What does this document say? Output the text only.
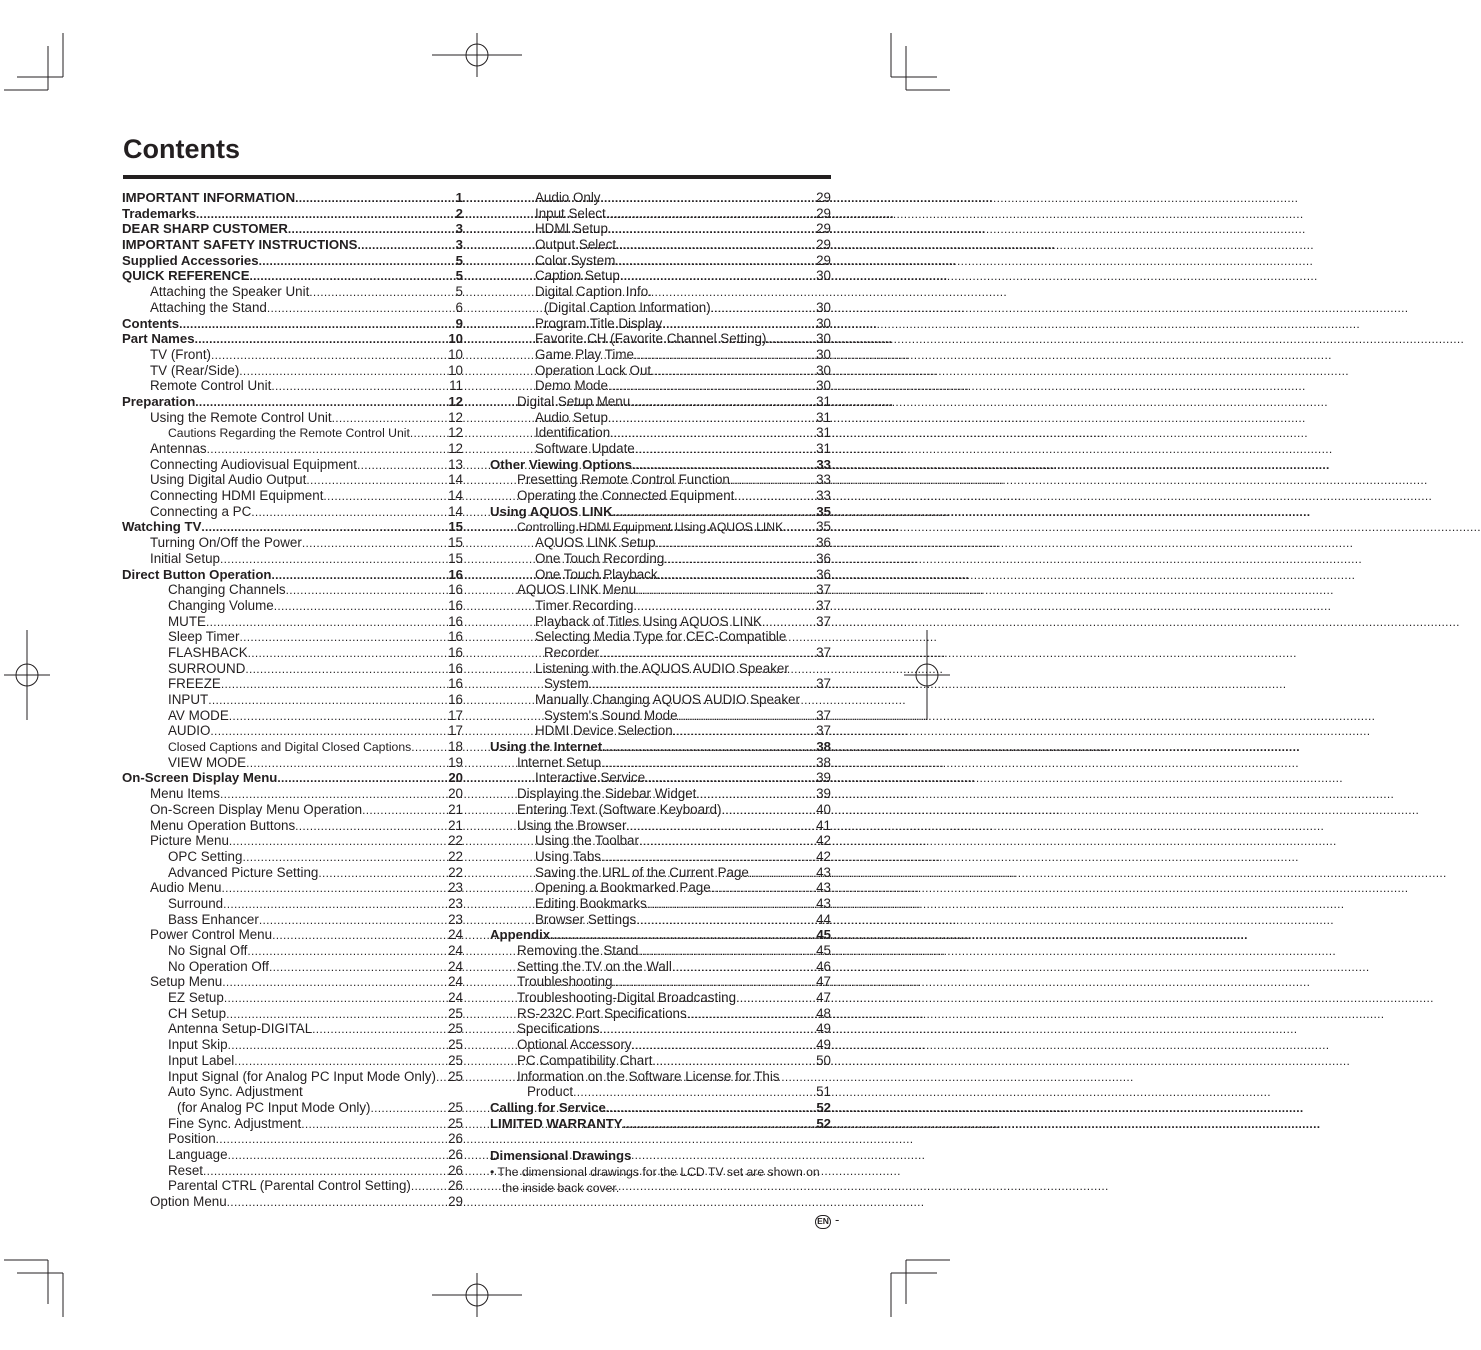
Contents
IMPORTANT INFORMATION .....	1
Trademarks .....	2
DEAR SHARP CUSTOMER .....	3
IMPORTANT SAFETY INSTRUCTIONS .....	3
Supplied Accessories .....	5
QUICK REFERENCE .....	5
Attaching the Speaker Unit .....	5
Attaching the Stand .....	6
Contents .....	9
Part Names .....	10
TV (Front) .....	10
TV (Rear/Side) .....	10
Remote Control Unit .....	11
Preparation .....	12
Using the Remote Control Unit .....	12
Cautions Regarding the Remote Control Unit .....	12
Antennas .....	12
Connecting Audiovisual Equipment .....	13
Using Digital Audio Output .....	14
Connecting HDMI Equipment .....	14
Connecting a PC .....	14
Watching TV .....	15
Turning On/Off the Power .....	15
Initial Setup .....	15
Direct Button Operation .....	16
Changing Channels .....	16
Changing Volume .....	16
MUTE .....	16
Sleep Timer .....	16
FLASHBACK .....	16
SURROUND .....	16
FREEZE .....	16
INPUT .....	16
AV MODE .....	17
AUDIO .....	17
Closed Captions and Digital Closed Captions .....	18
VIEW MODE .....	19
On-Screen Display Menu .....	20
Menu Items .....	20
On-Screen Display Menu Operation .....	21
Menu Operation Buttons .....	21
Picture Menu .....	22
OPC Setting .....	22
Advanced Picture Setting .....	22
Audio Menu .....	23
Surround .....	23
Bass Enhancer .....	23
Power Control Menu .....	24
No Signal Off .....	24
No Operation Off .....	24
Setup Menu .....	24
EZ Setup .....	24
CH Setup .....	25
Antenna Setup-DIGITAL .....	25
Input Skip .....	25
Input Label .....	25
Input Signal (for Analog PC Input Mode Only) ..... 25
Auto Sync. Adjustment
(for Analog PC Input Mode Only) .....	25
Fine Sync. Adjustment .....	25
Position .....	26
Language .....	26
Reset .....	26
Parental CTRL (Parental Control Setting) .....	26
Option Menu .....	29
Audio Only .....	29
Input Select .....	29
HDMI Setup .....	29
Output Select .....	29
Color System .....	29
Caption Setup .....	30
Digital Caption Info.
(Digital Caption Information) .....	30
Program Title Display .....	30
Favorite CH (Favorite Channel Setting) .....	30
Game Play Time .....	30
Operation Lock Out .....	30
Demo Mode .....	30
Digital Setup Menu .....	31
Audio Setup .....	31
Identification .....	31
Software Update .....	31
Other Viewing Options .....	33
Presetting Remote Control Function .....	33
Operating the Connected Equipment .....	33
Using AQUOS LINK .....	35
Controlling HDMI Equipment Using AQUOS LINK ..... 35
AQUOS LINK Setup .....	36
One Touch Recording .....	36
One Touch Playback .....	36
AQUOS LINK Menu .....	37
Timer Recording .....	37
Playback of Titles Using AQUOS LINK .....	37
Selecting Media Type for CEC-Compatible
Recorder .....	37
Listening with the AQUOS AUDIO Speaker
System .....	37
Manually Changing AQUOS AUDIO Speaker
System's Sound Mode .....	37
HDMI Device Selection .....	37
Using the Internet .....	38
Internet Setup .....	38
Interactive Service .....	39
Displaying the Sidebar Widget .....	39
Entering Text (Software Keyboard) .....	40
Using the Browser .....	41
Using the Toolbar .....	42
Using Tabs .....	42
Saving the URL of the Current Page .....	43
Opening a Bookmarked Page .....	43
Editing Bookmarks .....	43
Browser Settings .....	44
Appendix .....	45
Removing the Stand .....	45
Setting the TV on the Wall .....	46
Troubleshooting .....	47
Troubleshooting-Digital Broadcasting .....	47
RS-232C Port Specifications .....	48
Specifications .....	49
Optional Accessory .....	49
PC Compatibility Chart .....	50
Information on the Software License for This
Product .....	51
Calling for Service .....	52
LIMITED WARRANTY .....	52
Dimensional Drawings
• The dimensional drawings for the LCD TV set are shown on the inside back cover.
EN -
